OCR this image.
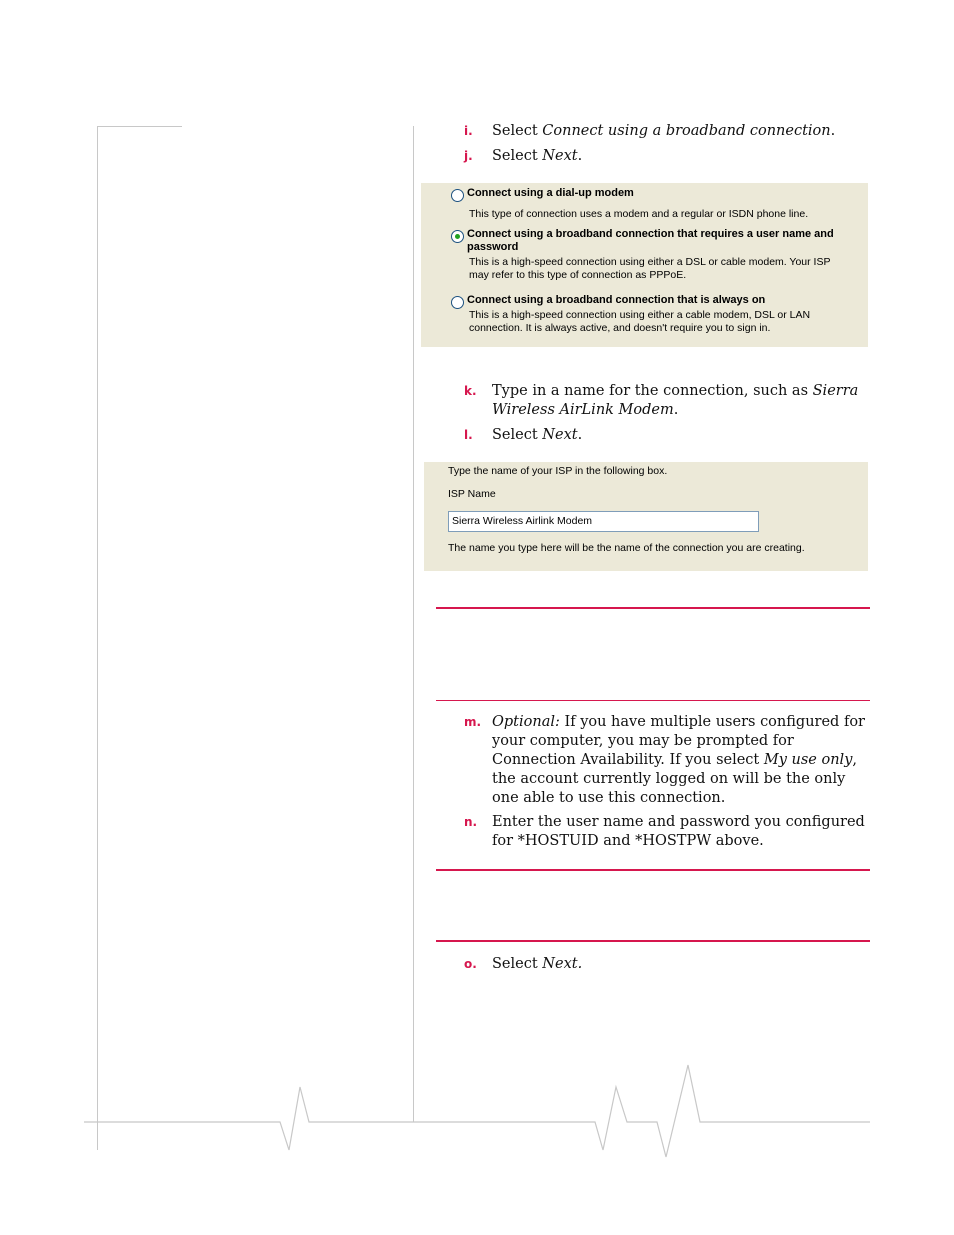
i.	Select Connect using a broadband connection.
j.	Select Next.
Connect using a dial-up modem
This type of connection uses a modem and a regular or ISDN phone line.
Connect using a broadband connection that requires a user name and password
This is a high-speed connection using either a DSL or cable modem. Your ISP may refer to this type of connection as PPPoE.
Connect using a broadband connection that is always on
This is a high-speed connection using either a cable modem, DSL or LAN connection. It is always active, and doesn't require you to sign in.
k.	Type in a name for the connection, such as Sierra Wireless AirLink Modem.
l.	Select Next.
Type the name of your ISP in the following box.
ISP Name
Sierra Wireless Airlink Modem
The name you type here will be the name of the connection you are creating.
m. Optional: If you have multiple users configured for your computer, you may be prompted for Connection Availability. If you select My use only, the account currently logged on will be the only one able to use this connection.
n.	Enter the user name and password you configured for *HOSTUID and *HOSTPW above.
o.	Select Next.
